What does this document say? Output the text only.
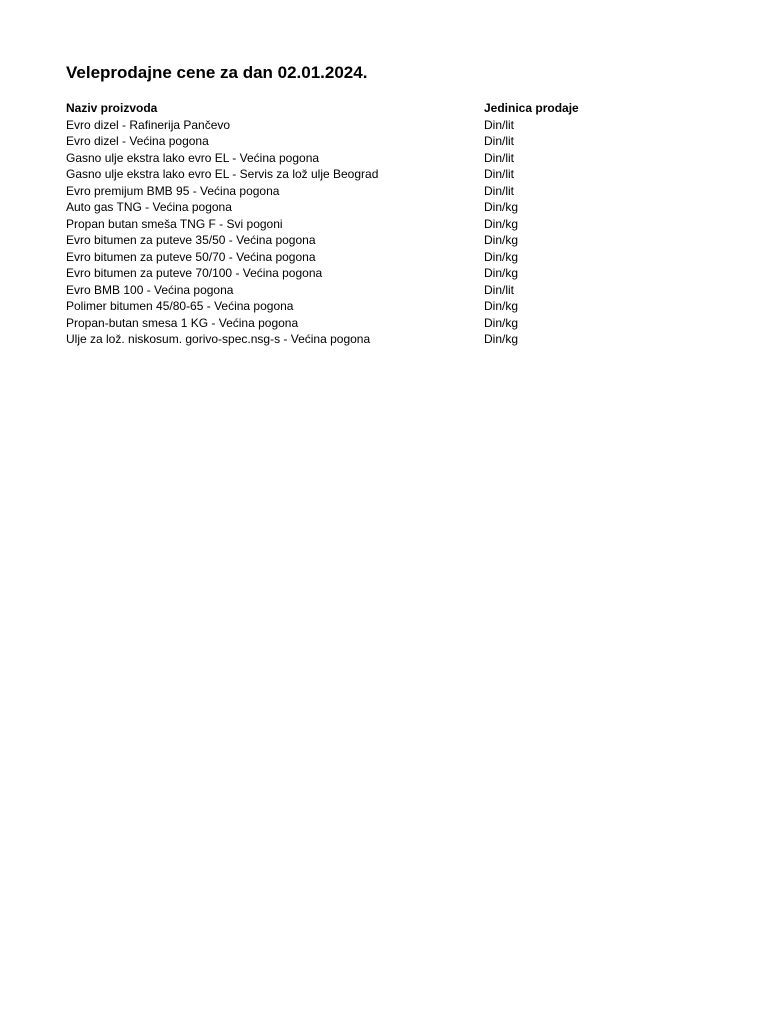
Veleprodajne cene za dan 02.01.2024.
Naziv proizvoda	Jedinica prodaje
Evro dizel - Rafinerija Pančevo	Din/lit
Evro dizel - Većina pogona	Din/lit
Gasno ulje ekstra lako evro EL - Većina pogona	Din/lit
Gasno ulje ekstra lako evro EL - Servis za lož ulje Beograd	Din/lit
Evro premijum BMB 95 - Većina pogona	Din/lit
Auto gas TNG - Većina pogona	Din/kg
Propan butan smeša TNG F - Svi pogoni	Din/kg
Evro bitumen za puteve 35/50 - Većina pogona	Din/kg
Evro bitumen za puteve 50/70 - Većina pogona	Din/kg
Evro bitumen za puteve 70/100 - Većina pogona	Din/kg
Evro BMB 100 - Većina pogona	Din/lit
Polimer bitumen 45/80-65 - Većina pogona	Din/kg
Propan-butan smesa 1 KG - Većina pogona	Din/kg
Ulje za lož. niskosum. gorivo-spec.nsg-s - Većina pogona	Din/kg
